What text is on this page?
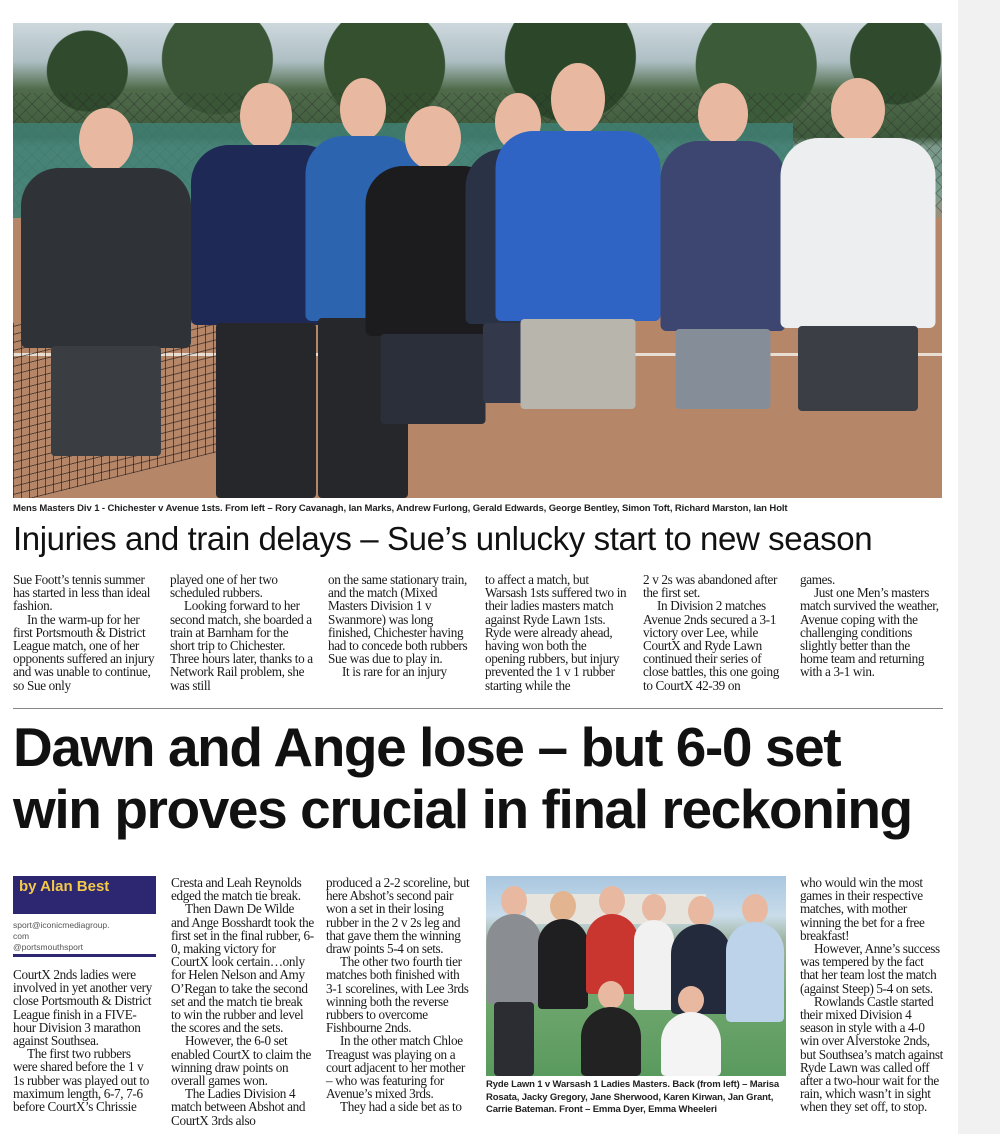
Mens Masters Div 1 - Chichester v Avenue 1sts. From left – Rory Cavanagh, Ian Marks, Andrew Furlong, Gerald Edwards, George Bentley, Simon Toft, Richard Marston, Ian Holt
Injuries and train delays – Sue’s unlucky start to new season

Sue Foott’s tennis summer has started in less than ideal fashion.

In the warm-up for her first Portsmouth & District League match, one of her opponents suffered an injury and was unable to continue, so Sue only

played one of her two scheduled rubbers.

Looking forward to her second match, she boarded a train at Barnham for the short trip to Chichester. Three hours later, thanks to a Network Rail problem, she was still

on the same stationary train, and the match (Mixed Masters Division 1 v Swanmore) was long finished, Chichester having had to concede both rubbers Sue was due to play in.

It is rare for an injury

to affect a match, but Warsash 1sts suffered two in their ladies masters match against Ryde Lawn 1sts. Ryde were already ahead, having won both the opening rubbers, but injury prevented the 1 v 1 rubber starting while the

2 v 2s was abandoned after the first set.

In Division 2 matches Avenue 2nds secured a 3-1 victory over Lee, while CourtX and Ryde Lawn continued their series of close battles, this one going to CourtX 42-39 on

games.

Just one Men’s masters match survived the weather, Avenue coping with the challenging conditions slightly better than the home team and returning with a 3-1 win.

Dawn and Ange lose – but 6-0 set
win proves crucial in final reckoning
by Alan Best
sport@iconicmediagroup.
com
@portsmouthsport

CourtX 2nds ladies were involved in yet another very close Portsmouth & District League finish in a FIVE-hour Division 3 marathon against Southsea.

The first two rubbers were shared before the 1 v 1s rubber was played out to maximum length, 6-7, 7-6 before CourtX’s Chrissie

Cresta and Leah Reynolds edged the match tie break.

Then Dawn De Wilde and Ange Bosshardt took the first set in the final rubber, 6-0, making victory for CourtX look certain…only for Helen Nelson and Amy O’Regan to take the second set and the match tie break to win the rubber and level the scores and the sets.

However, the 6-0 set enabled CourtX to claim the winning draw points on overall games won.

The Ladies Division 4 match between Abshot and CourtX 3rds also

produced a 2-2 scoreline, but here Abshot’s second pair won a set in their losing rubber in the 2 v 2s leg and that gave them the winning draw points 5-4 on sets.

The other two fourth tier matches both finished with 3-1 scorelines, with Lee 3rds winning both the reverse rubbers to overcome Fishbourne 2nds.

In the other match Chloe Treagust was playing on a court adjacent to her mother – who was featuring for Avenue’s mixed 3rds.

They had a side bet as to

who would win the most games in their respective matches, with mother winning the bet for a free breakfast!

However, Anne’s success was tempered by the fact that her team lost the match (against Steep) 5-4 on sets.

Rowlands Castle started their mixed Division 4 season in style with a 4-0 win over Alverstoke 2nds, but Southsea’s match against Ryde Lawn was called off after a two-hour wait for the rain, which wasn’t in sight when they set off, to stop.

Ryde Lawn 1 v Warsash 1 Ladies Masters. Back (from left) – Marisa Rosata, Jacky Gregory, Jane Sherwood, Karen Kirwan, Jan Grant, Carrie Bateman. Front – Emma Dyer, Emma Wheeleri
